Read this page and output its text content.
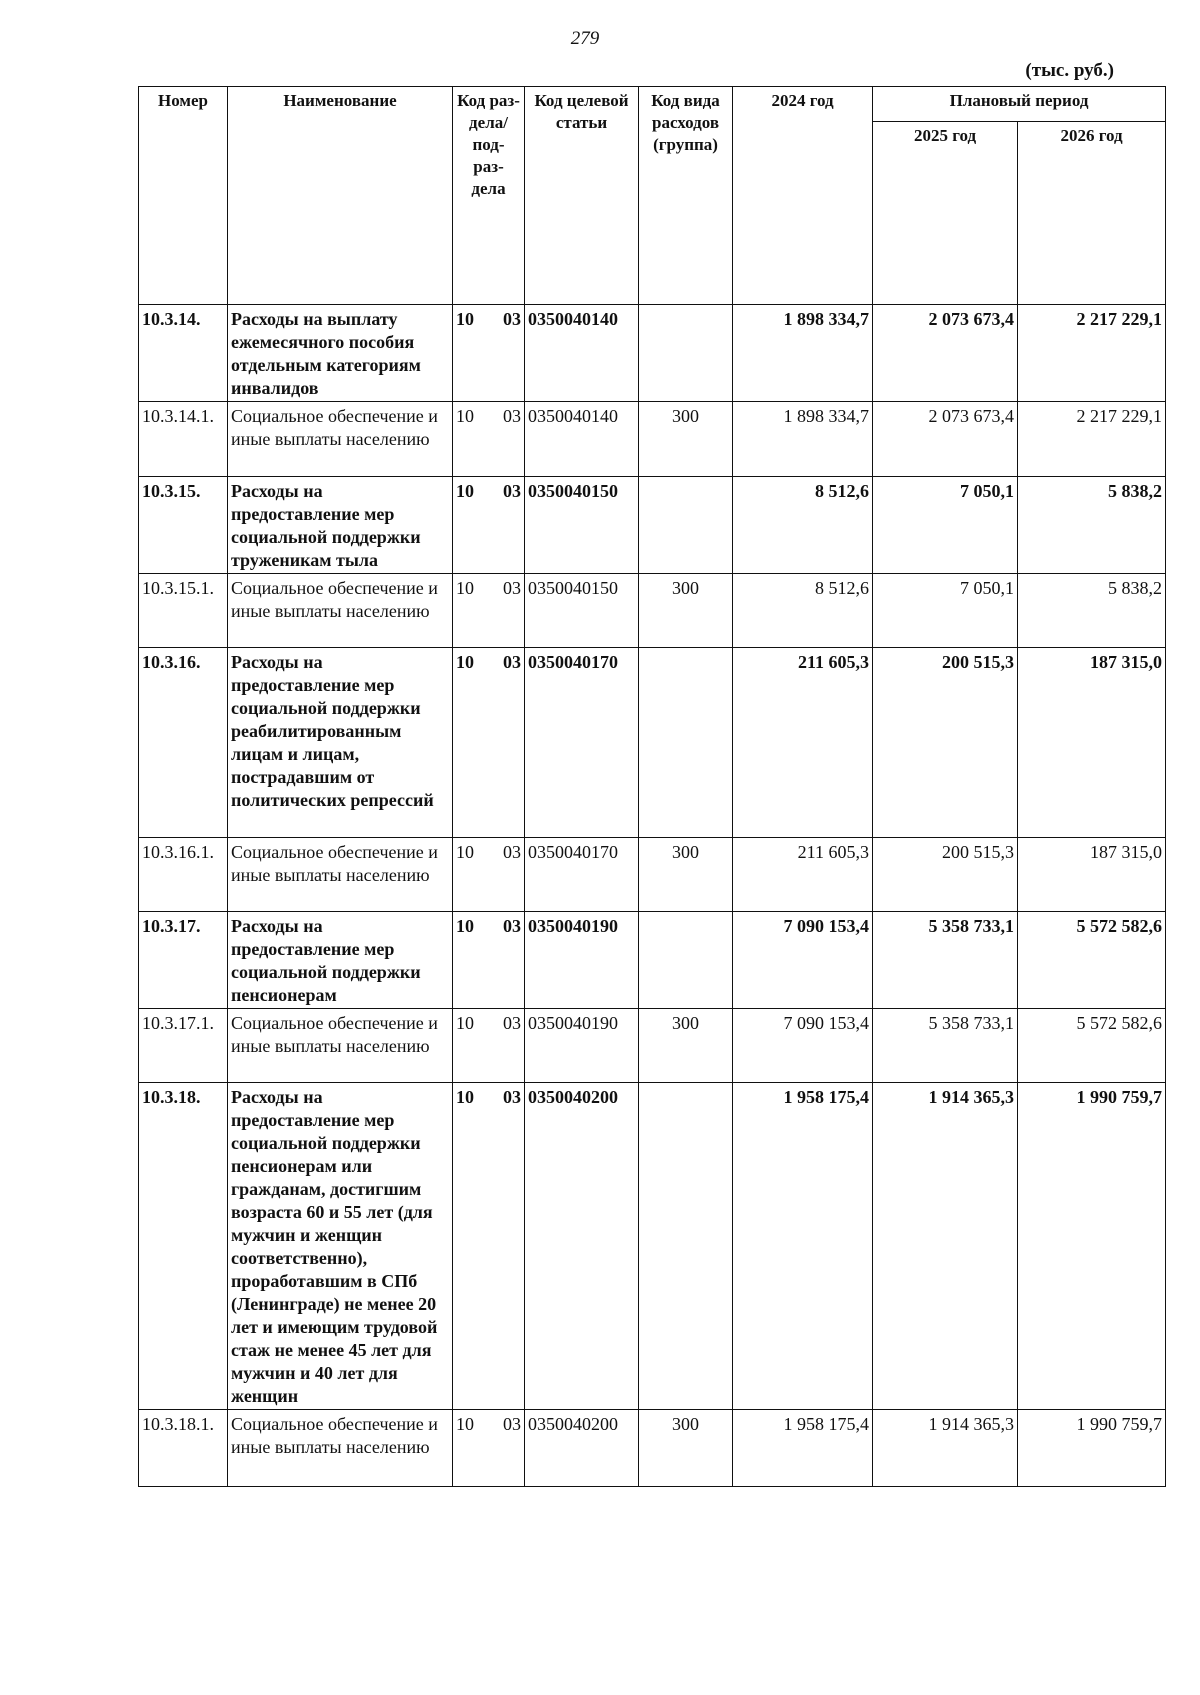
279
(тыс. руб.)
Номер	Наименование	Код раз- дела/ под- раз- дела		Код целевой статьи	Код вида расходов (группа)	2024 год	Плановый период	
							2025 год	2026 год
10.3.14.	Расходы на выплату ежемесячного пособия отдельным категориям инвалидов	10	03	0350040140		1 898 334,7	2 073 673,4	2 217 229,1
10.3.14.1.	Социальное обеспечение и иные выплаты населению	10	03	0350040140	300	1 898 334,7	2 073 673,4	2 217 229,1
10.3.15.	Расходы на предоставление мер социальной поддержки труженикам тыла	10	03	0350040150		8 512,6	7 050,1	5 838,2
10.3.15.1.	Социальное обеспечение и иные выплаты населению	10	03	0350040150	300	8 512,6	7 050,1	5 838,2
10.3.16.	Расходы на предоставление мер социальной поддержки реабилитированным лицам и лицам, пострадавшим от политических репрессий	10	03	0350040170		211 605,3	200 515,3	187 315,0
10.3.16.1.	Социальное обеспечение и иные выплаты населению	10	03	0350040170	300	211 605,3	200 515,3	187 315,0
10.3.17.	Расходы на предоставление мер социальной поддержки пенсионерам	10	03	0350040190		7 090 153,4	5 358 733,1	5 572 582,6
10.3.17.1.	Социальное обеспечение и иные выплаты населению	10	03	0350040190	300	7 090 153,4	5 358 733,1	5 572 582,6
10.3.18.	Расходы на предоставление мер социальной поддержки пенсионерам или гражданам, достигшим возраста 60 и 55 лет (для мужчин и женщин соответственно), проработавшим в СПб (Ленинграде) не менее 20 лет и имеющим трудовой стаж не менее 45 лет для мужчин и 40 лет для женщин	10	03	0350040200		1 958 175,4	1 914 365,3	1 990 759,7
10.3.18.1.	Социальное обеспечение и иные выплаты населению	10	03	0350040200	300	1 958 175,4	1 914 365,3	1 990 759,7
